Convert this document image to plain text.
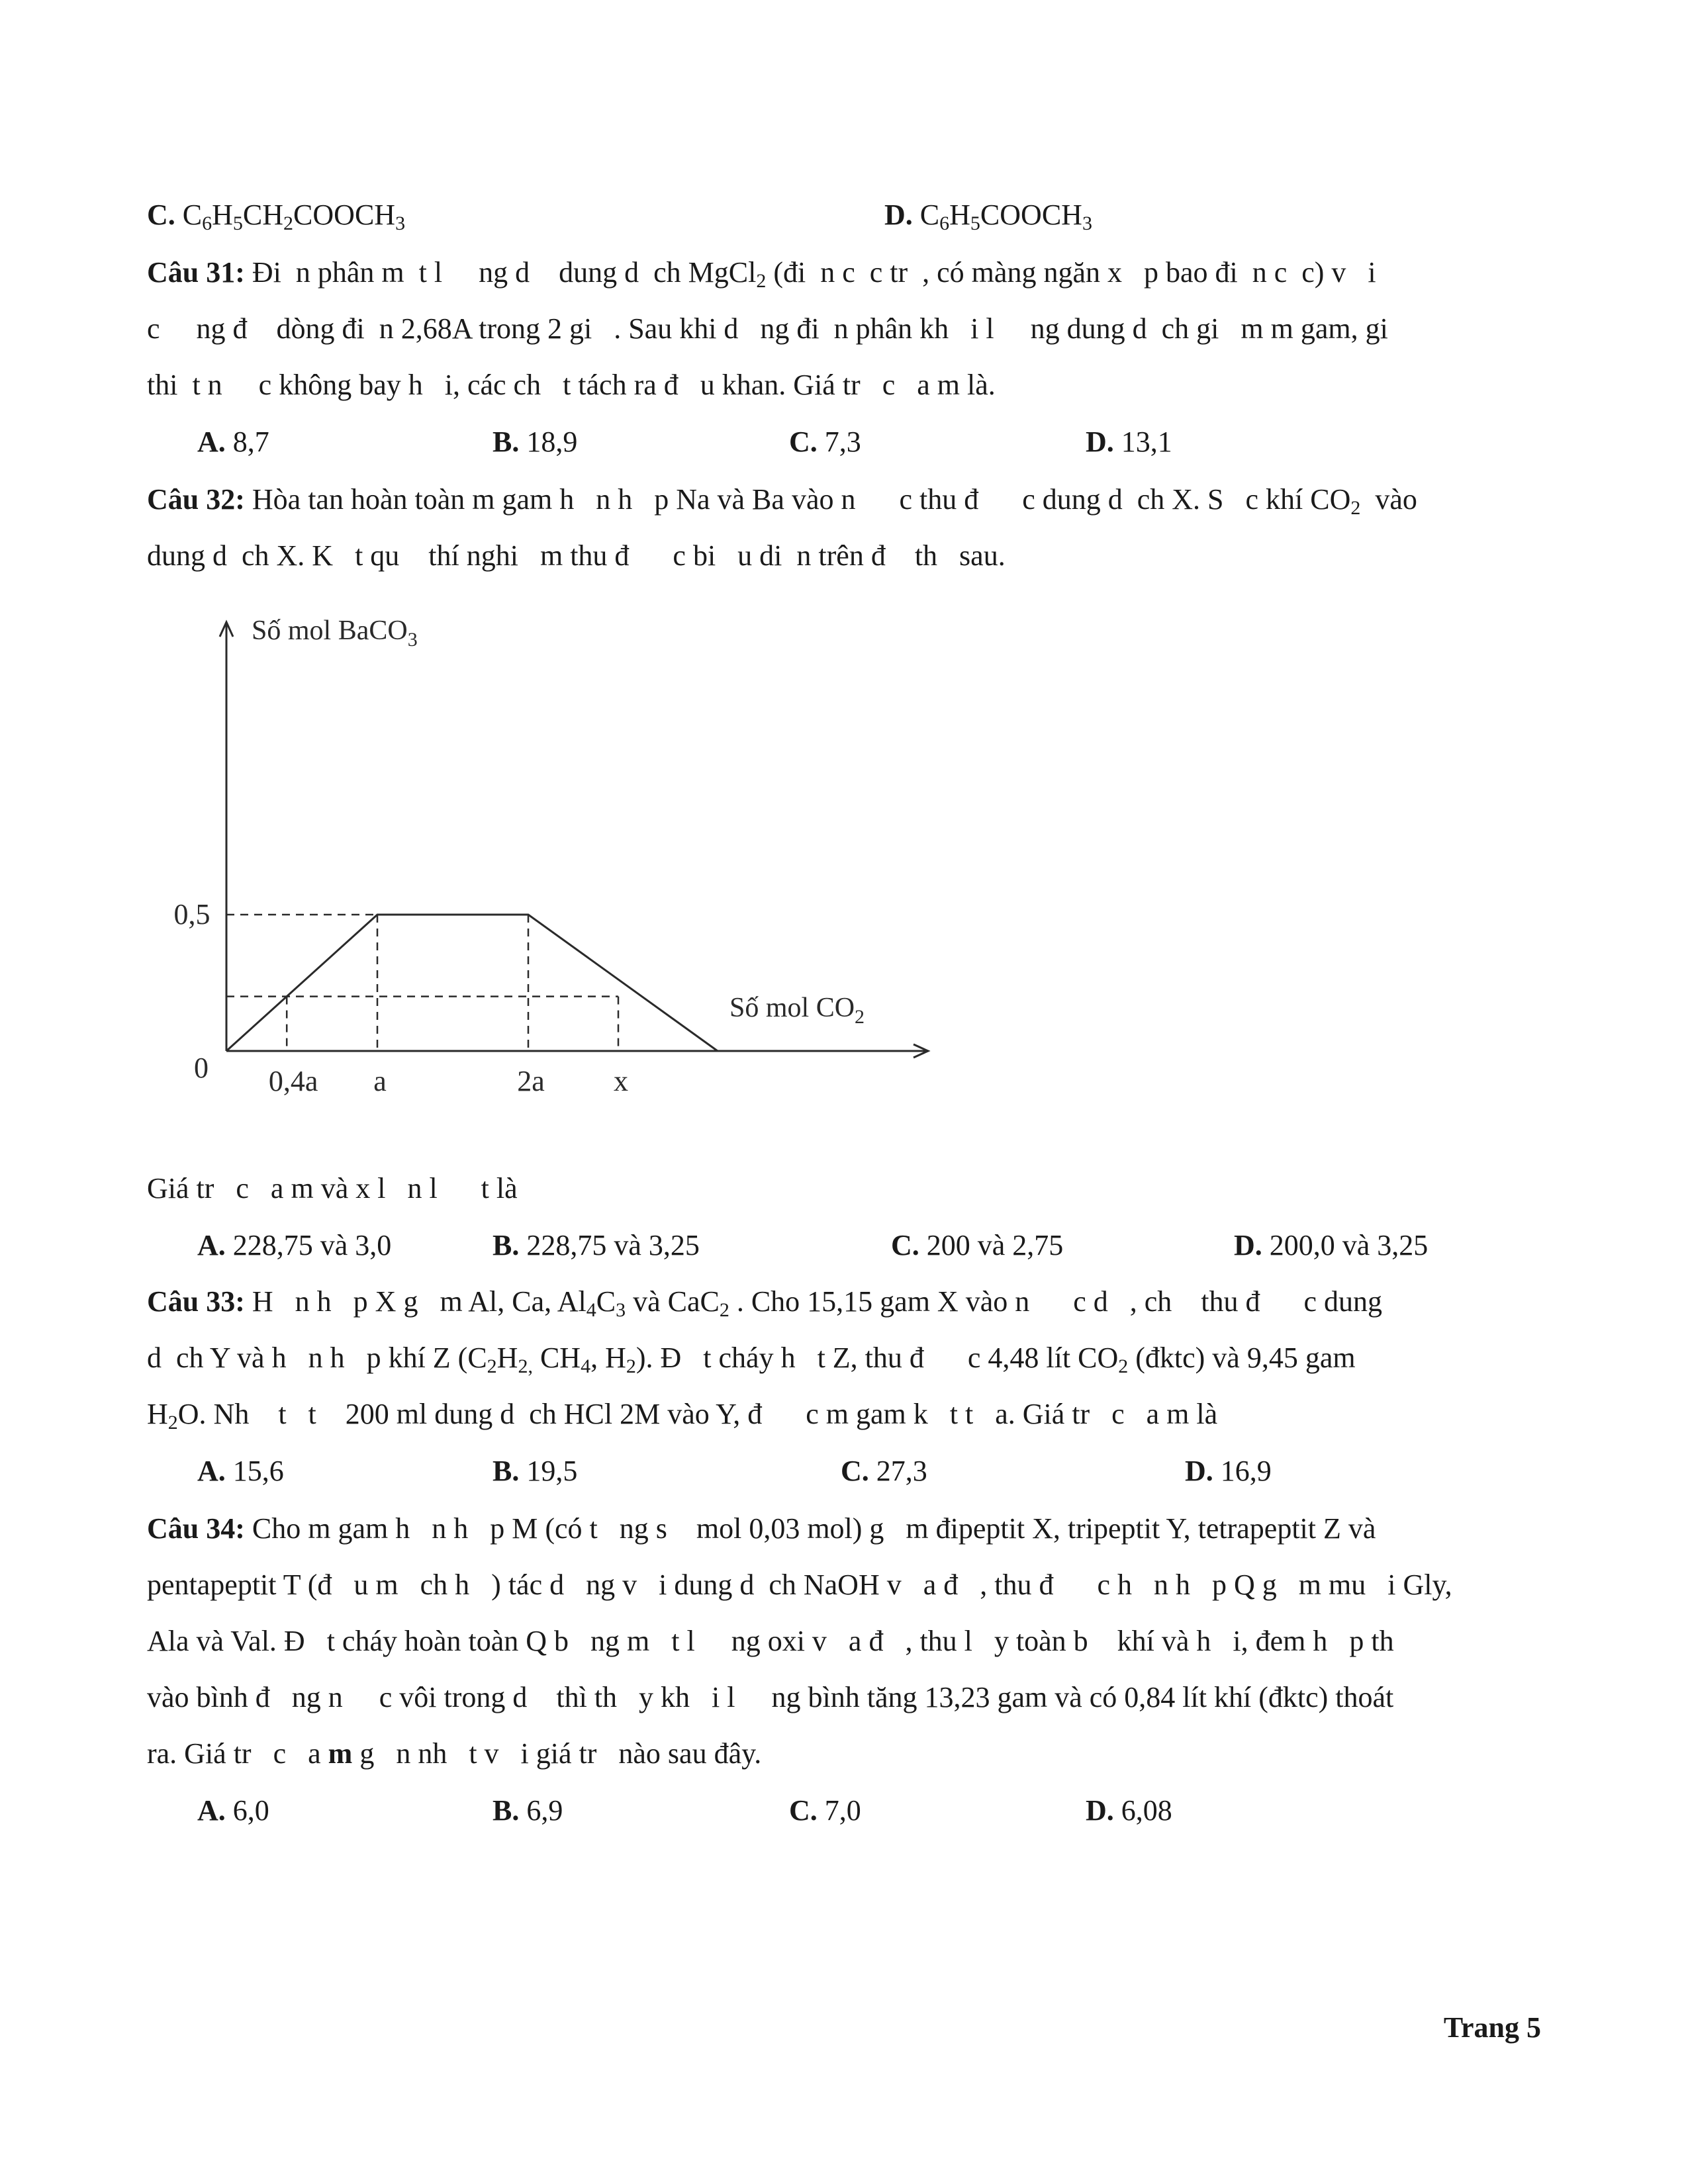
C. $C_6H_5CH_2COOCH_3$	D. $C_6H_5COOCH_3$
Câu 31: Đi  n phân m  t l     ng d    dung d  ch MgCl$_2$ (đi  n c  c tr  , có màng ngăn x   p bao đi  n c  c) v   i
c     ng đ    dòng đi  n 2,68A trong 2 gi   . Sau khi d   ng đi  n phân kh   i l     ng dung d  ch gi   m m gam, gi
thi  t n     c không bay h   i, các ch   t tách ra đ   u khan. Giá tr   c   a m là.
A. 8,7	B. 18,9	C. 7,3	D. 13,1
Câu 32: Hòa tan hoàn toàn m gam h   n h   p Na và Ba vào n      c thu đ      c dung d  ch X. S   c khí $CO_2$  vào
dung d  ch X. K   t qu    thí nghi   m thu đ      c bi   u di  n trên đ    th   sau.
Số mol BaCO$_3$
Số mol $CO_2$
0
0,5
0,4a a	2a x
Giá tr   c   a m và x l   n l      t là
A. 228,75 và 3,0	B. 228,75 và 3,25	C. 200 và 2,75	D. 200,0 và 3,25
Câu 33: H   n h   p X g   m Al, Ca, $Al_4C_3$ và CaC$_2$ . Cho 15,15 gam X vào n      c d   , ch    thu đ      c dung
d  ch Y và h   n h   p khí Z ($C_2H_{2,}$ $CH_4$, $H_2$). Đ   t cháy h   t Z, thu đ      c 4,48 lít $CO_2$ (đktc) và 9,45 gam
$H_2O$. Nh    t   t    200 ml dung d  ch HCl 2M vào Y, đ      c m gam k   t t   a. Giá tr   c   a m là
A. 15,6	B. 19,5	C. 27,3	D. 16,9
Câu 34: Cho m gam h   n h   p M (có t   ng s    mol 0,03 mol) g   m đipeptit X, tripeptit Y, tetrapeptit Z và
pentapeptit T (đ   u m   ch h   ) tác d   ng v   i dung d  ch NaOH v   a đ   , thu đ      c h   n h   p Q g   m mu   i Gly,
Ala và Val. Đ   t cháy hoàn toàn Q b   ng m   t l     ng oxi v   a đ   , thu l   y toàn b    khí và h   i, đem h   p th
vào bình đ   ng n     c vôi trong d    thì th   y kh   i l     ng bình tăng 13,23 gam và có 0,84 lít khí (đktc) thoát
ra. Giá tr   c   a m g   n nh   t v   i giá tr   nào sau đây.
A. 6,0	B. 6,9	C. 7,0	D. 6,08
Trang 5
